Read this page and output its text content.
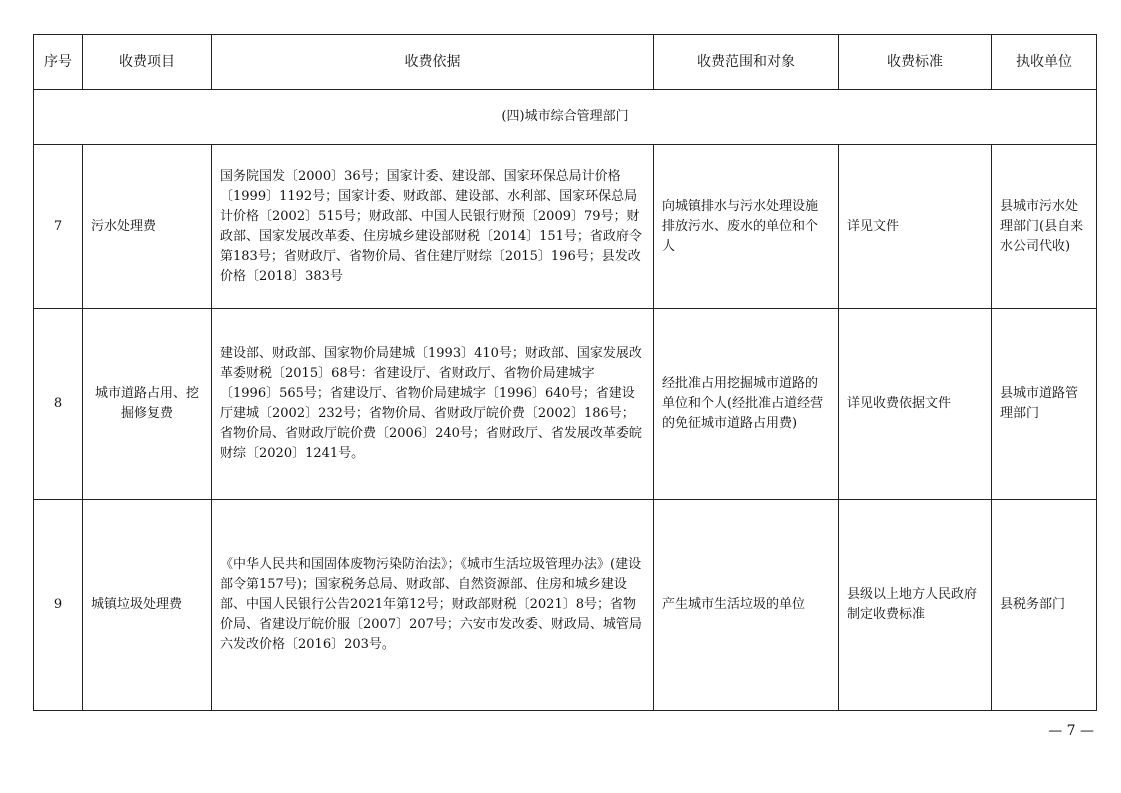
序号	收费项目	收费依据	收费范围和对象	收费标准	执收单位
(四)城市综合管理部门					
7	污水处理费	国务院国发〔2000〕36号；国家计委、建设部、国家环保总局计价格〔1999〕1192号；国家计委、财政部、建设部、水利部、国家环保总局计价格〔2002〕515号；财政部、中国人民银行财预〔2009〕79号；财政部、国家发展改革委、住房城乡建设部财税〔2014〕151号；省政府令第183号；省财政厅、省物价局、省住建厅财综〔2015〕196号；县发改价格〔2018〕383号	向城镇排水与污水处理设施排放污水、废水的单位和个人	详见文件	县城市污水处理部门(县自来水公司代收)
8	城市道路占用、挖掘修复费	建设部、财政部、国家物价局建城〔1993〕410号；财政部、国家发展改革委财税〔2015〕68号：省建设厅、省财政厅、省物价局建城字〔1996〕565号；省建设厅、省物价局建城字〔1996〕640号；省建设厅建城〔2002〕232号；省物价局、省财政厅皖价费〔2002〕186号；省物价局、省财政厅皖价费〔2006〕240号；省财政厅、省发展改革委皖财综〔2020〕1241号。	经批准占用挖掘城市道路的单位和个人(经批准占道经营的免征城市道路占用费)	详见收费依据文件	县城市道路管理部门
9	城镇垃圾处理费	《中华人民共和国固体废物污染防治法》；《城市生活垃圾管理办法》(建设部令第157号)；国家税务总局、财政部、自然资源部、住房和城乡建设部、中国人民银行公告2021年第12号；财政部财税〔2021〕8号；省物价局、省建设厅皖价服〔2007〕207号；六安市发改委、财政局、城管局六发改价格〔2016〕203号。	产生城市生活垃圾的单位	县级以上地方人民政府制定收费标准	县税务部门
— 7 —
